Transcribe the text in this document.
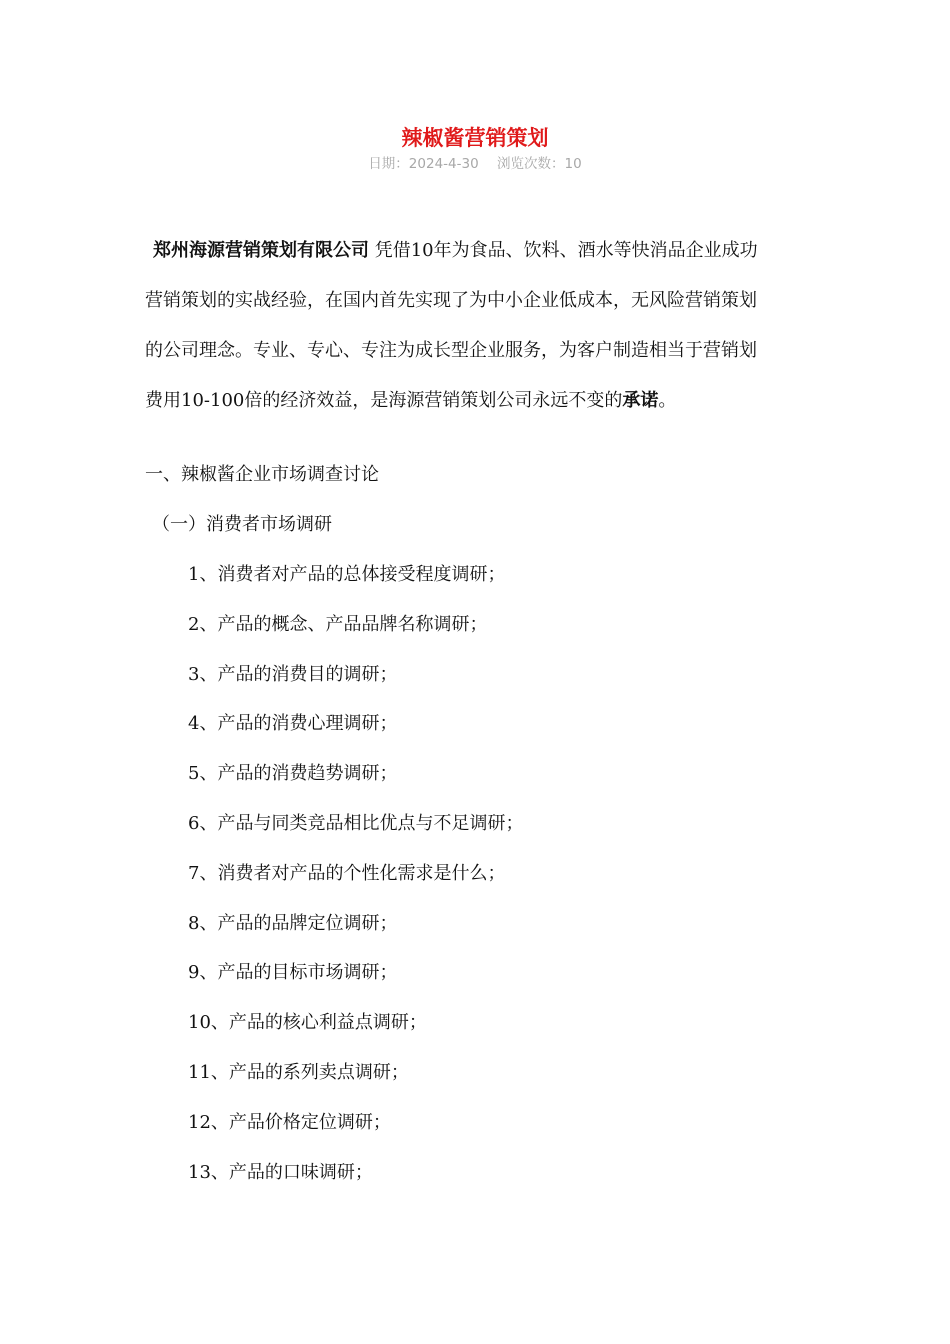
辣椒酱营销策划
日期：2024-4-30 浏览次数：10
郑州海源营销策划有限公司 凭借10年为食品、饮料、酒水等快消品企业成功
营销策划的实战经验，在国内首先实现了为中小企业低成本，无风险营销策划
的公司理念。专业、专心、专注为成长型企业服务，为客户制造相当于营销划
费用10-100倍的经济效益，是海源营销策划公司永远不变的承诺。
一、辣椒酱企业市场调查讨论
（一）消费者市场调研
1、消费者对产品的总体接受程度调研；
2、产品的概念、产品品牌名称调研；
3、产品的消费目的调研；
4、产品的消费心理调研；
5、产品的消费趋势调研；
6、产品与同类竞品相比优点与不足调研；
7、消费者对产品的个性化需求是什么；
8、产品的品牌定位调研；
9、产品的目标市场调研；
10、产品的核心利益点调研；
11、产品的系列卖点调研；
12、产品价格定位调研；
13、产品的口味调研；
